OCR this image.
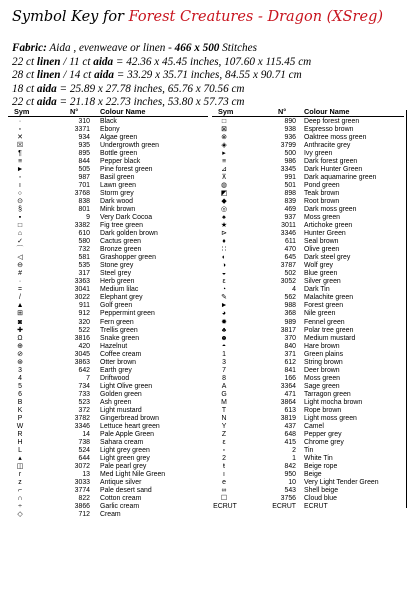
Symbol Key for Forest Creatures - Dragon (XSreg)
Fabric: Aida , evenweave or linen - 466 x 500 Stitches
22 ct linen / 11 ct aida = 42.36 x 45.45 inches, 107.60 x 115.45 cm
28 ct linen / 14 ct aida = 33.29 x 35.71 inches, 84.55 x 90.71 cm
18 ct aida = 25.89 x 27.78 inches, 65.76 x 70.56 cm
22 ct aida = 21.18 x 22.73 inches, 53.80 x 57.73 cm
Sym	N°	Colour Name	Sym	N° Colour Name
·	310 Black
▫	3371 Ebony
✕	934 Algae green
☒	935 Undergrowth green
¶	895 Bottle green
≡	844 Pepper black
►	505 Pine forest green
◦	987 Basil green
ı	701 Lawn green
○	3768 Storm grey
⊙	838 Dark wood
§	801 Mink brown
▪	9 Very Dark Cocoa
□	3382 Fig tree green
⌂	610 Dark golden brown
✓	580 Cactus green
⌒	732 Bronze green
◁	581 Grashopper green
⊖	535 Stone grey
#	317 Steel grey
·	3363 Herb green
=	3041 Medium lilac
/	3022 Elephant grey
▲	911 Golf green
⊞	912 Peppermint green
◙	320 Fern green
✚	522 Trellis green
Ω	3816 Snake green
⊕	420 Hazelnut
⊘	3045 Coffee cream
⊛	3863 Otter brown
3	642 Earth grey
4	7 Driftwood
5	734 Light Olive green
6	733 Golden green
B	523 Ash green
K	372 Light mustard
P	3782 Gingerbread brown
W	3346 Lettuce heart green
R	14 Pale Apple Green
H	738 Sahara cream
L	524 Light grey green
▴	644 Light green grey
◫	3072 Pale pearl grey
r	13 Med Light Nile Green
z	3033 Antique silver
⌐	3774 Pale desert sand
∩	822 Cotton cream
÷	3866 Garlic cream
◇	712 Cream
□	890 Deep forest green
⊠	938 Espresso brown
⊗	936 Oaktree moss green
◈	3799 Anthracite grey
▸	500 Ivy green
≡	986 Dark forest green
⊿	3345 Dark Hunter Green
⊼	991 Dark aquamarine green
◍	501 Pond green
◩	898 Teak brown
◆	839 Root brown
◎	469 Dark moss green
♠	937 Moss green
★	3011 Artichoke green
⊳	3346 Hunter Green
♦	611 Seal brown
∷	470 Olive green
◐	645 Dark steel grey
◑	3787 Wolf grey
◒	502 Blue green
ε	3052 Silver green
◔	4 Dark Tin
✎	562 Malachite green
►	988 Forest green
◕	368 Nile green
✹	989 Fennel green
♣	3817 Polar tree green
☻	370 Medium mustard
◓	840 Hare brown
1	371 Green plains
3	612 String brown
7	841 Deer brown
8	166 Moss green
A	3364 Sage green
G	471 Tarragon green
M	3864 Light mocha brown
T	613 Rope brown
N	3819 Light moss green
Y	437 Camel
Z	648 Pepper grey
ε	415 Chrome grey
▫	2 Tin
2	1 White Tin
ŧ	842 Beige rope
ı	950 Beige
e	10 Very Light Tender Green
∞	543 Shell beige
☐	3756 Cloud blue
ECRUT	ECRUT ECRUT
